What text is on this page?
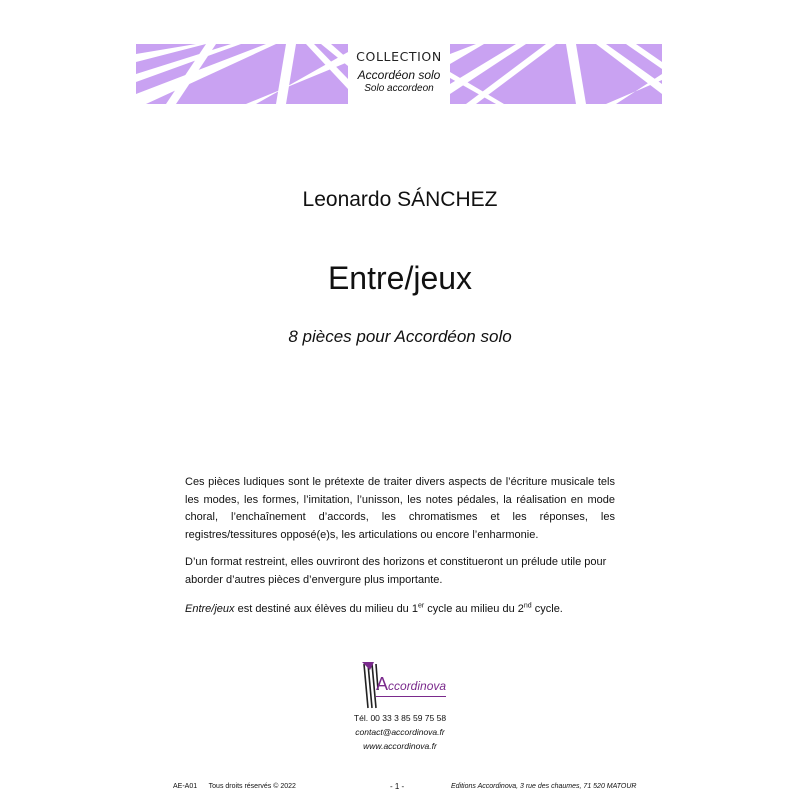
COLLECTION
Accordéon solo
Solo accordeon
Leonardo SÁNCHEZ
Entre/jeux
8 pièces pour Accordéon solo
Ces pièces ludiques sont le prétexte de traiter divers aspects de l’écriture musicale tels les modes, les formes, l’imitation, l’unisson, les notes pédales, la réalisation en mode choral, l’enchaînement d’accords, les chromatismes et les réponses, les registres/tessitures opposé(e)s, les articulations ou encore l’enharmonie.
D’un format restreint, elles ouvriront des horizons et constitueront un prélude utile pour aborder d’autres pièces d’envergure plus importante.
Entre/jeux est destiné aux élèves du milieu du 1er cycle au milieu du 2nd cycle.
Accordinova
Tél. 00 33 3 85 59 75 58
contact@accordinova.fr
www.accordinova.fr
AE-A01      Tous droits réservés © 2022	- 1 -	Editions Accordinova, 3 rue des chaumes, 71 520 MATOUR
